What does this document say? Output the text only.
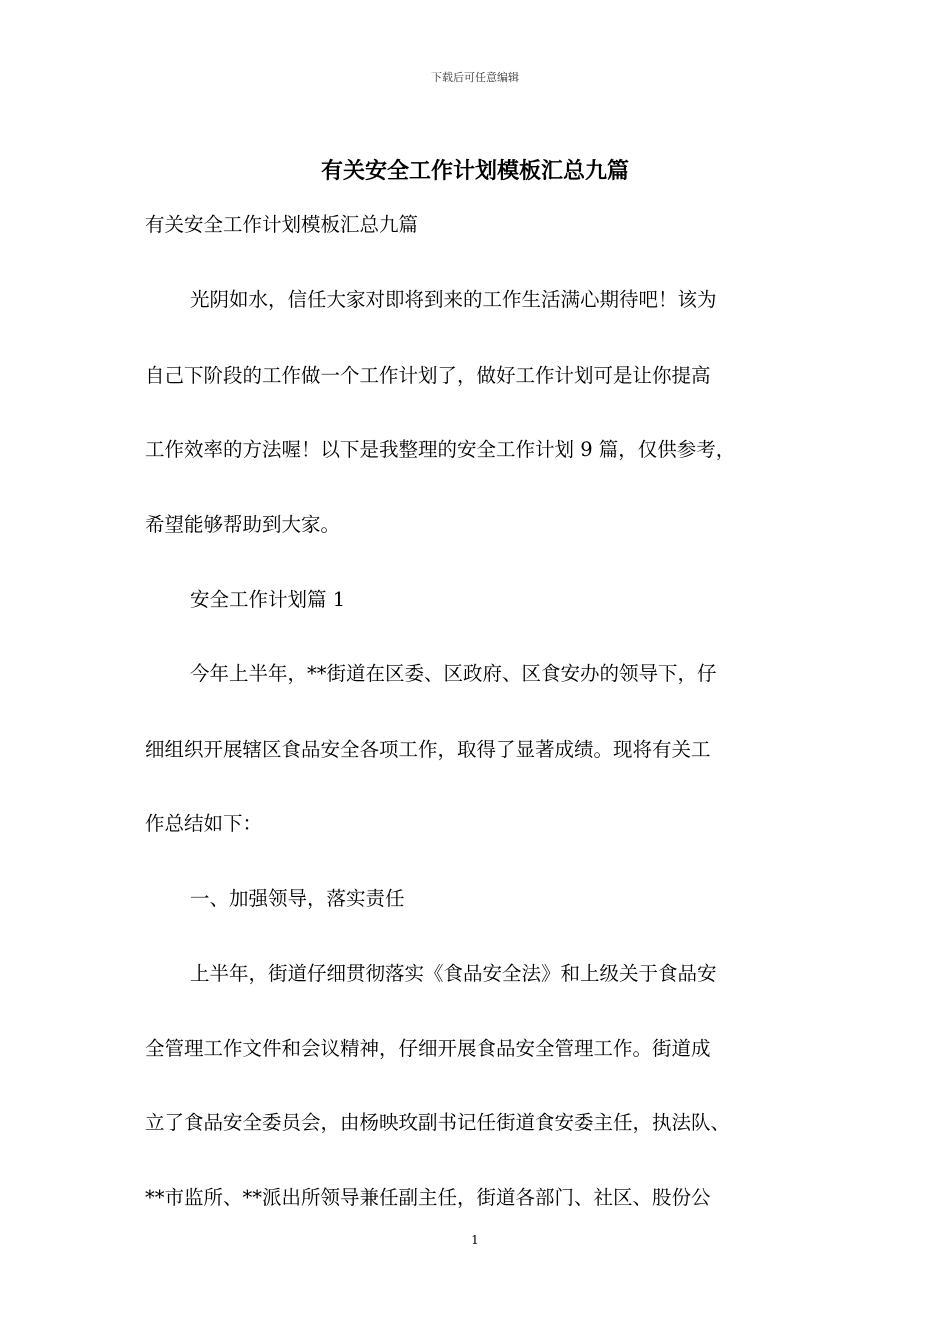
下载后可任意编辑
有关安全工作计划模板汇总九篇
有关安全工作计划模板汇总九篇
光阴如水，信任大家对即将到来的工作生活满心期待吧！该为
自己下阶段的工作做一个工作计划了，做好工作计划可是让你提高
工作效率的方法喔！以下是我整理的安全工作计划 9 篇，仅供参考，
希望能够帮助到大家。
安全工作计划篇 1
今年上半年，**街道在区委、区政府、区食安办的领导下，仔
细组织开展辖区食品安全各项工作，取得了显著成绩。现将有关工
作总结如下：
一、加强领导，落实责任
上半年，街道仔细贯彻落实《食品安全法》和上级关于食品安
全管理工作文件和会议精神，仔细开展食品安全管理工作。街道成
立了食品安全委员会，由杨映玫副书记任街道食安委主任，执法队、
**市监所、**派出所领导兼任副主任，街道各部门、社区、股份公
1
